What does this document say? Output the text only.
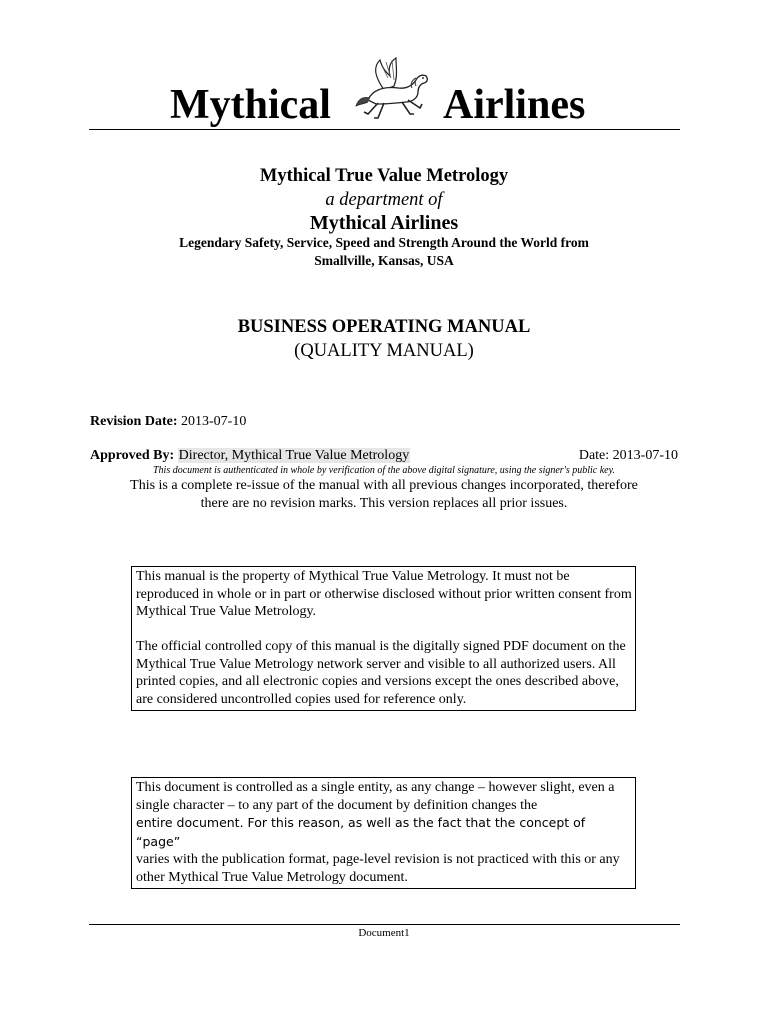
Mythical	Airlines
Mythical True Value Metrology
a department of
Mythical Airlines
Legendary Safety, Service, Speed and Strength Around the World from Smallville, Kansas, USA
BUSINESS OPERATING MANUAL
(QUALITY MANUAL)
Revision Date: 2013-07-10
Approved By: Director, Mythical True Value Metrology	Date: 2013-07-10
This document is authenticated in whole by verification of the above digital signature, using the signer's public key.
This is a complete re-issue of the manual with all previous changes incorporated, therefore there are no revision marks. This version replaces all prior issues.

This manual is the property of Mythical True Value Metrology. It must not be reproduced in whole or in part or otherwise disclosed without prior written consent from Mythical True Value Metrology.

The official controlled copy of this manual is the digitally signed PDF document on the Mythical True Value Metrology network server and visible to all authorized users. All printed copies, and all electronic copies and versions except the ones described above, are considered uncontrolled copies used for reference only.

This document is controlled as a single entity, as any change – however slight, even a single character – to any part of the document by definition changes the
entire document. For this reason, as well as the fact that the concept of “page”
varies with the publication format, page-level revision is not practiced with this or any other Mythical True Value Metrology document.

Document1
